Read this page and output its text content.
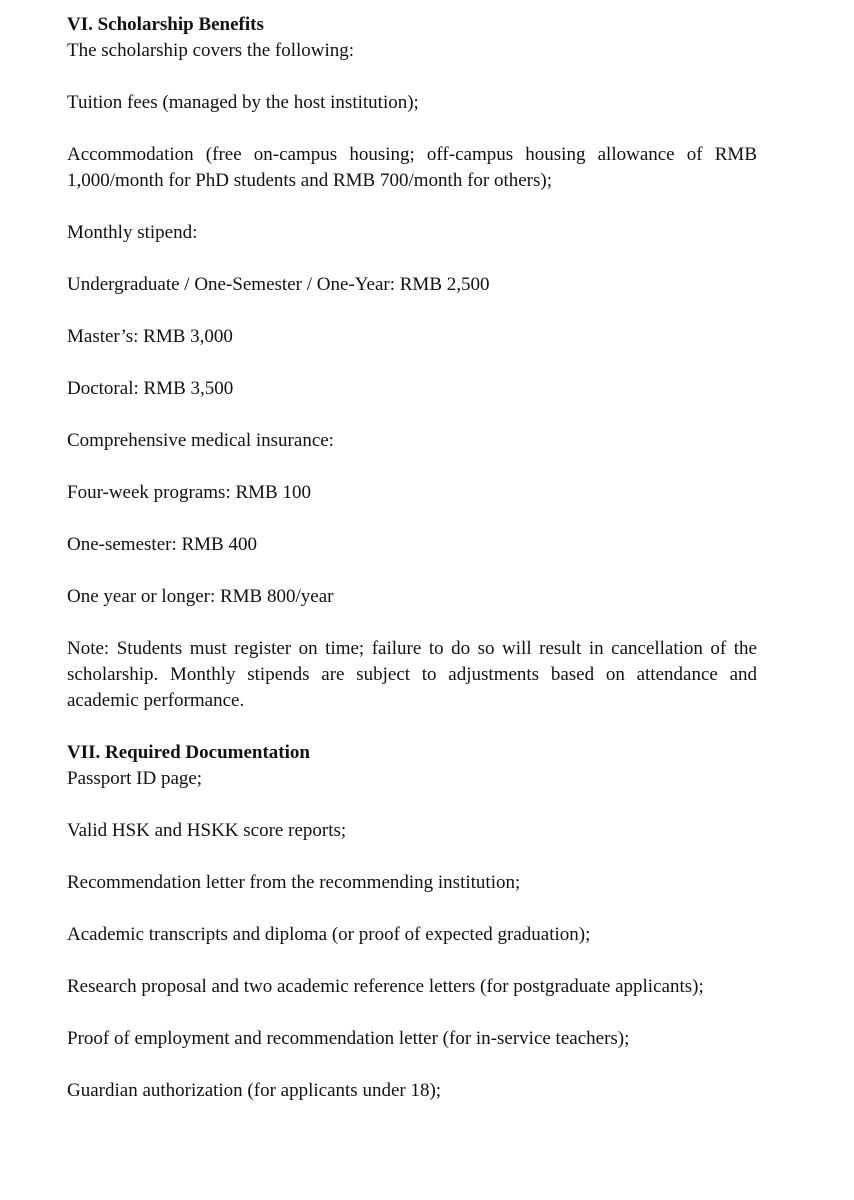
VI. Scholarship Benefits

The scholarship covers the following:

Tuition fees (managed by the host institution);

Accommodation (free on-campus housing; off-campus housing allowance of RMB 1,000/month for PhD students and RMB 700/month for others);

Monthly stipend:

Undergraduate / One-Semester / One-Year: RMB 2,500

Master’s: RMB 3,000

Doctoral: RMB 3,500

Comprehensive medical insurance:

Four-week programs: RMB 100

One-semester: RMB 400

One year or longer: RMB 800/year

Note: Students must register on time; failure to do so will result in cancellation of the scholarship. Monthly stipends are subject to adjustments based on attendance and academic performance.

VII. Required Documentation

Passport ID page;

Valid HSK and HSKK score reports;

Recommendation letter from the recommending institution;

Academic transcripts and diploma (or proof of expected graduation);

Research proposal and two academic reference letters (for postgraduate applicants);

Proof of employment and recommendation letter (for in-service teachers);

Guardian authorization (for applicants under 18);
